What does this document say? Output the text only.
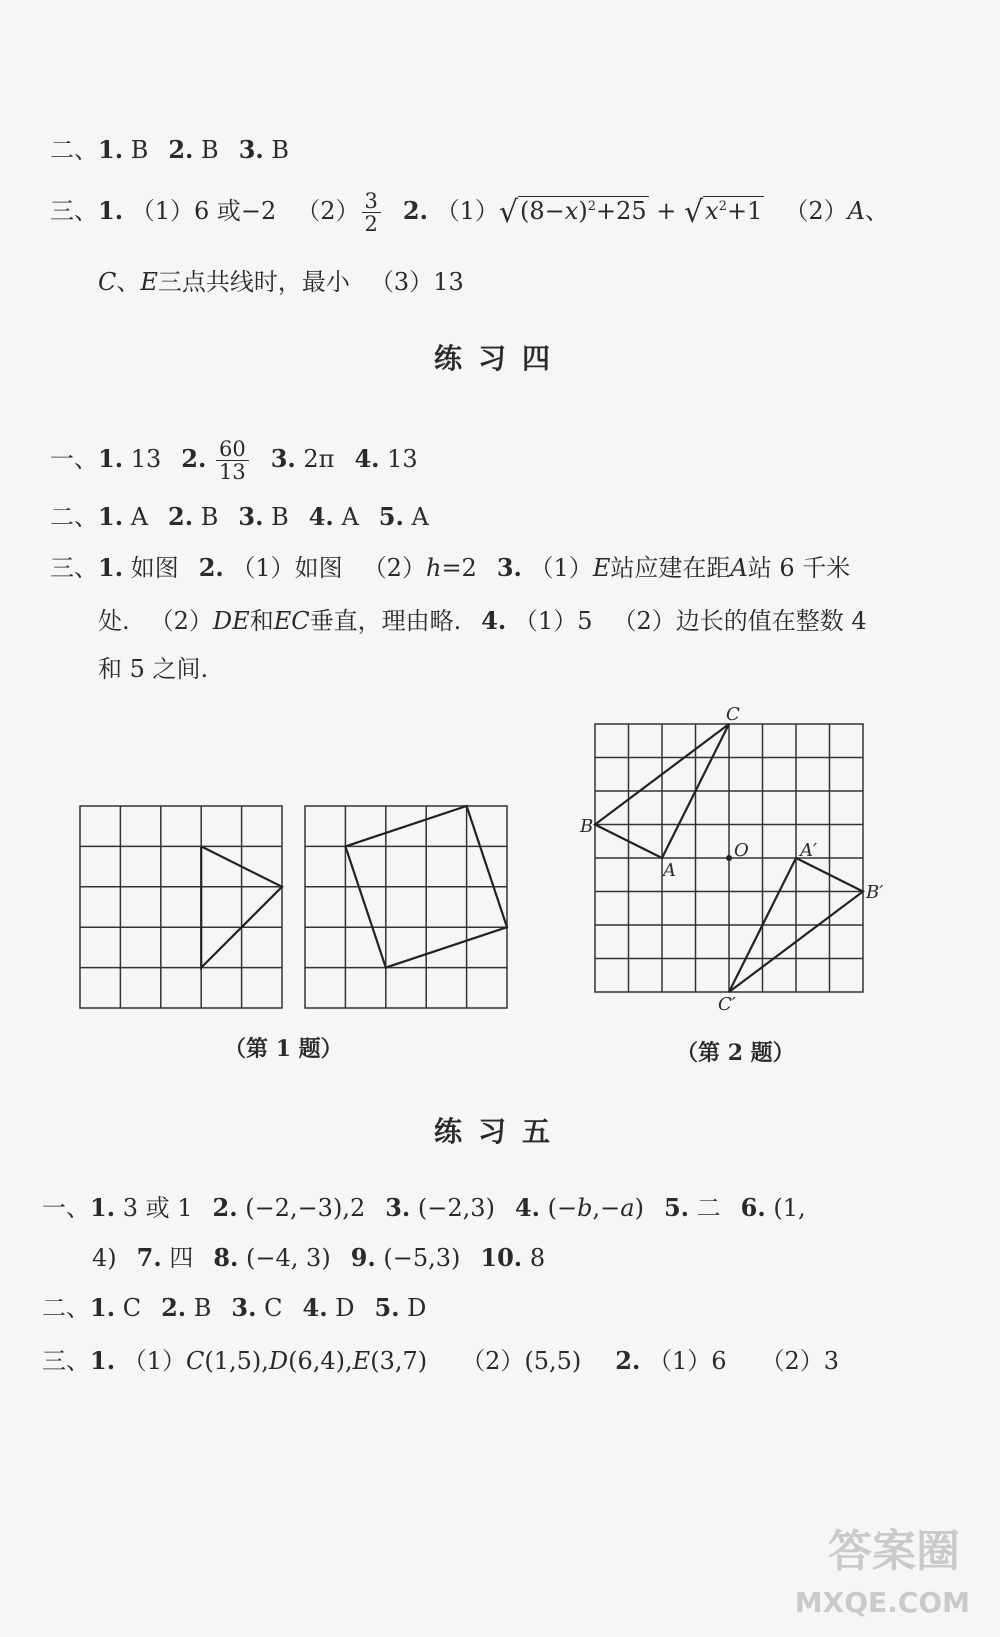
二、1. B 2. B 3. B
三、1. （1）6 或−2 $(2) \frac{3}{2} 2$. $(1)√(8-x)^2+25 + √x^2+1$ （2）A、
C、E三点共线时，最小 （3）13
练习四
一、1. 13 2. $\frac{60}{13} 3$. 2π 4. 13
二、1. A 2. B 3. B 4. A 5. A
三、1. 如图 2. （1）如图 （2）h=2 3. （1）E站应建在距A站 6 千米
处. （2）DE和EC垂直，理由略. 4. （1）5 （2）边长的值在整数 4
和 5 之间.
C
B
A
O	A′
B′
C′
（第 1 题）	（第 2 题）
练习五
一、1. 3 或 1 2. (−2,−3),2 3. (−2,3) 4. (−b,−a) 5. 二 6. (1,
4) 7. 四 8. (−4, 3) 9. (−5,3) 10. 8
二、1. C 2. B 3. C 4. D 5. D
三、1. （1）C(1,5),D(6,4),E(3,7) （2）(5,5) 2. （1）6 （2）3
答案圈
MXQE.COM
